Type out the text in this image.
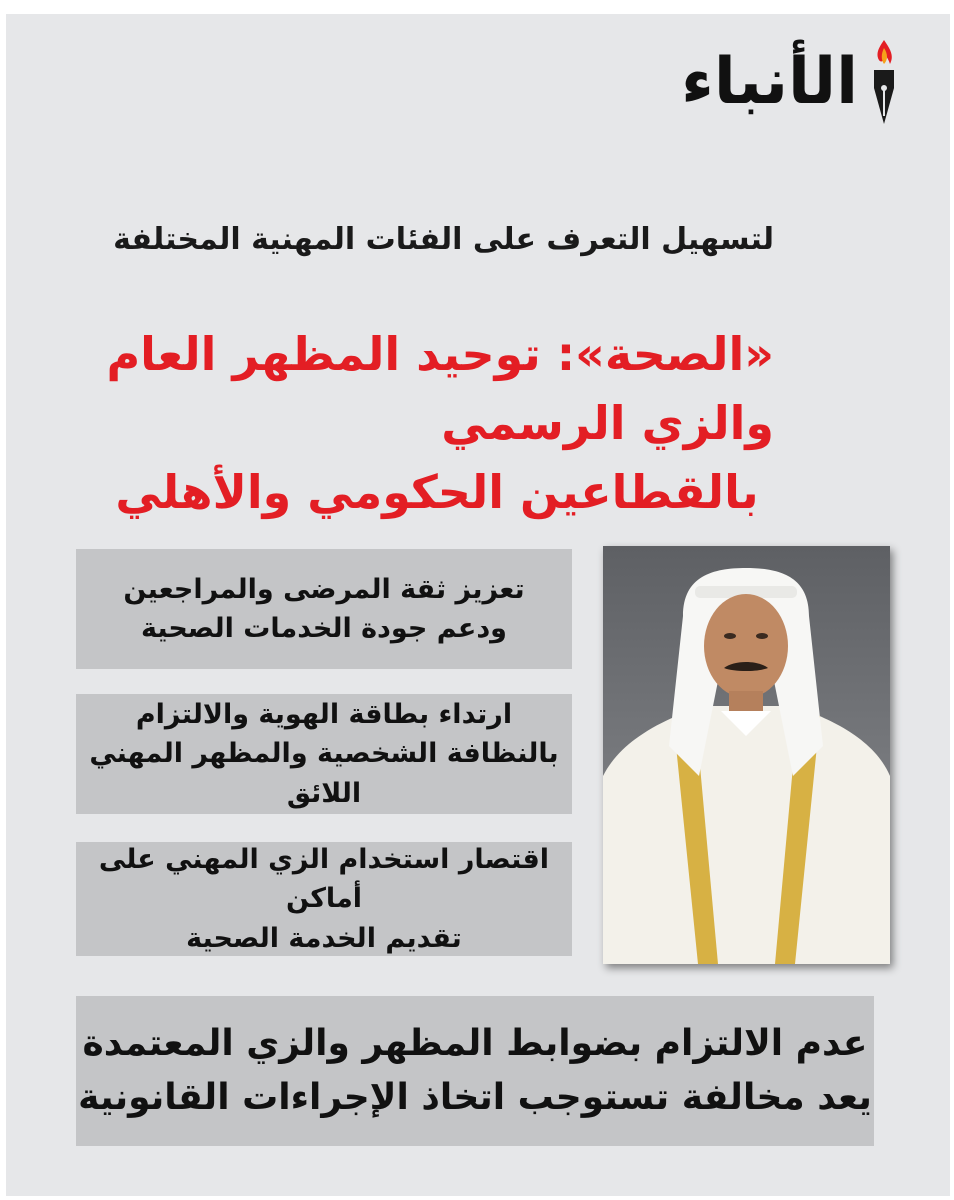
الأنباء
لتسهيل التعرف على الفئات المهنية المختلفة
«الصحة»: توحيد المظهر العام والزي الرسمي
بالقطاعين الحكومي والأهلي
تعزيز ثقة المرضى والمراجعين
ودعم جودة الخدمات الصحية
ارتداء بطاقة الهوية والالتزام
بالنظافة الشخصية والمظهر المهني اللائق
اقتصار استخدام الزي المهني على أماكن
تقديم الخدمة الصحية
عدم الالتزام بضوابط المظهر والزي المعتمدة
يعد مخالفة تستوجب اتخاذ الإجراءات القانونية
